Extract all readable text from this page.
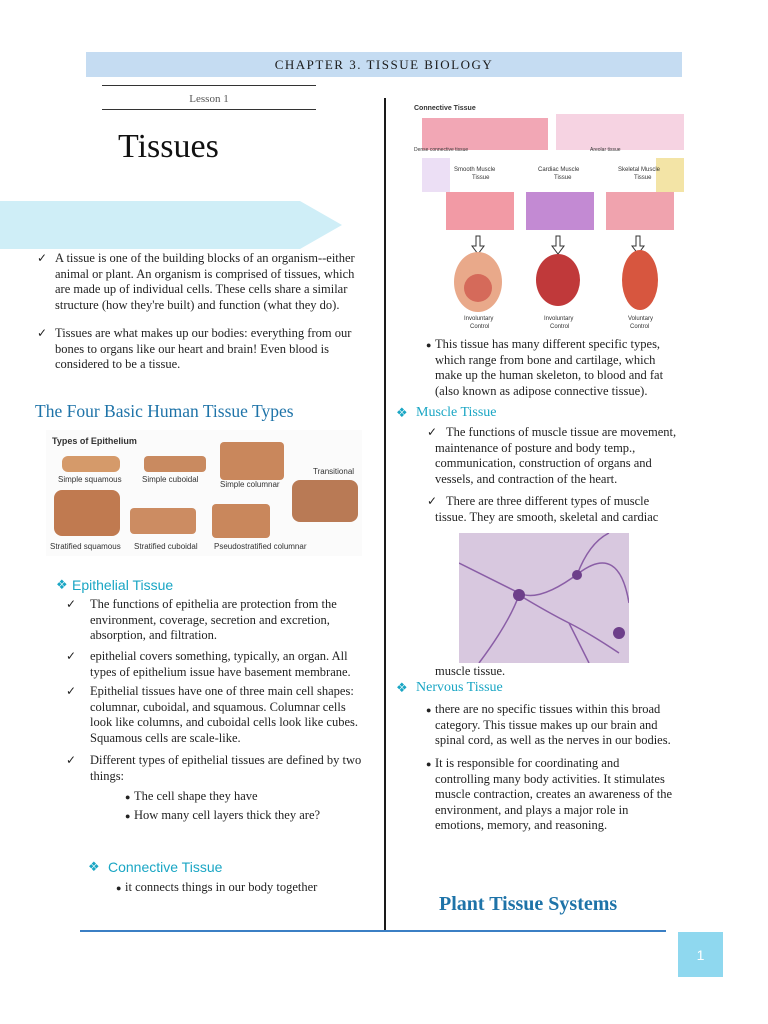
CHAPTER 3. TISSUE BIOLOGY
Lesson 1
Tissues
✓ A tissue is one of the building blocks of an organism--either
animal or plant. An organism is comprised of tissues, which
are made up of individual cells. These cells share a similar
structure (how they're built) and function (what they do).
✓ Tissues are what makes up our bodies: everything from our
bones to organs like our heart and brain! Even blood is
considered to be a tissue.
The Four Basic Human Tissue Types
Types of Epithelium
Simple squamous	Simple cuboidal
Simple columnar
Transitional
Stratified squamous Stratified cuboidal Pseudostratified columnar
❖ Epithelial Tissue
✓ The functions of epithelia are protection from the
environment, coverage, secretion and excretion,
absorption, and filtration.
✓ epithelial covers something, typically, an organ. All
types of epithelium issue have basement membrane.
✓ Epithelial tissues have one of three main cell shapes:
columnar, cuboidal, and squamous. Columnar cells
look like columns, and cuboidal cells look like cubes.
Squamous cells are scale-like.
✓ Different types of epithelial tissues are defined by two
things:
● The cell shape they have
● How many cell layers thick they are?
❖ Connective Tissue
● it connects things in our body together
Connective Tissue
Dense connective tissue	Areolar tissue
Smooth Muscle
Tissue
Cardiac Muscle
Tissue
Skeletal Muscle
Tissue
Involuntary
Control
Involuntary
Control
Voluntary
Control
● This tissue has many different specific types,
which range from bone and cartilage, which
make up the human skeleton, to blood and fat
(also known as adipose connective tissue).
❖ Muscle Tissue
✓ The functions of muscle tissue are movement,
maintenance of posture and body temp.,
communication, construction of organs and
vessels, and contraction of the heart.
✓ There are three different types of muscle
tissue. They are smooth, skeletal and cardiac
muscle tissue.
❖ Nervous Tissue
● there are no specific tissues within this broad
category. This tissue makes up our brain and
spinal cord, as well as the nerves in our bodies.
● It is responsible for coordinating and
controlling many body activities. It stimulates
muscle contraction, creates an awareness of the
environment, and plays a major role in
emotions, memory, and reasoning.
Plant Tissue Systems
1
